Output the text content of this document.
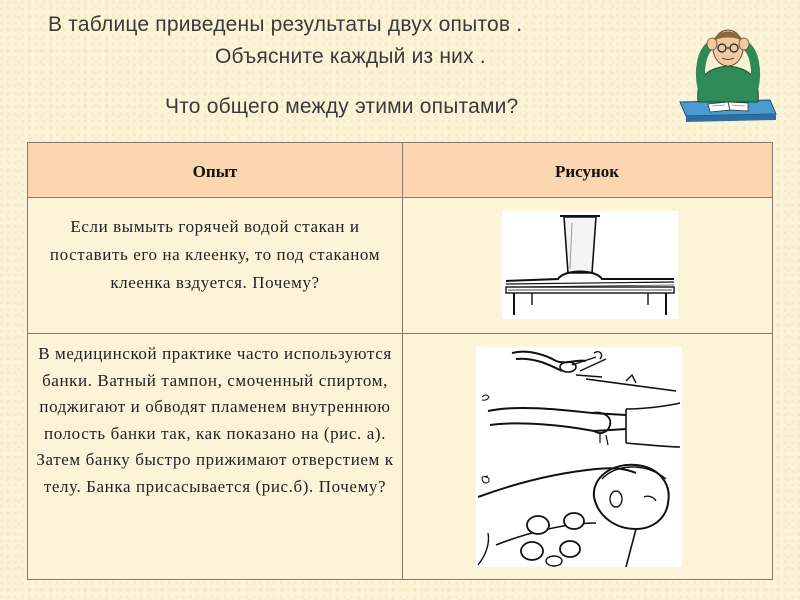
В таблице приведены результаты двух опытов .
Объясните каждый из них .
Что общего между этими опытами?
Опыт	Рисунок
Если вымыть горячей водой стакан и поставить его на клеенку, то под стаканом клеенка вздуется. Почему?
В медицинской практике часто используются банки. Ватный тампон, смоченный спиртом, поджигают и обводят пламенем внутреннюю полость банки так, как показано на (рис. а). Затем банку быстро прижимают отверстием к телу. Банка присасывается (рис.б). Почему?
